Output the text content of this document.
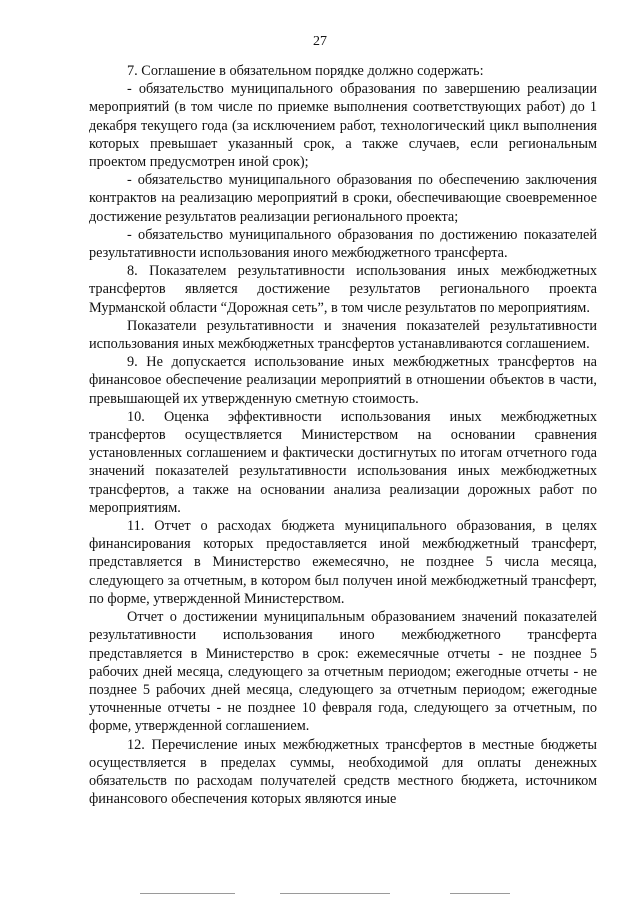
27

7. Соглашение в обязательном порядке должно содержать:

- обязательство муниципального образования по завершению реализации мероприятий (в том числе по приемке выполнения соответствующих работ) до 1 декабря текущего года (за исключением работ, технологический цикл выполнения которых превышает указанный срок, а также случаев, если региональным проектом предусмотрен иной срок);

- обязательство муниципального образования по обеспечению заключения контрактов на реализацию мероприятий в сроки, обеспечивающие своевременное достижение результатов реализации регионального проекта;

- обязательство муниципального образования по достижению показателей результативности использования иного межбюджетного трансферта.

8. Показателем результативности использования иных межбюджетных трансфертов является достижение результатов регионального проекта Мурманской области “Дорожная сеть”, в том числе результатов по мероприятиям.

Показатели результативности и значения показателей результативности использования иных межбюджетных трансфертов устанавливаются соглашением.

9. Не допускается использование иных межбюджетных трансфертов на финансовое обеспечение реализации мероприятий в отношении объектов в части, превышающей их утвержденную сметную стоимость.

10. Оценка эффективности использования иных межбюджетных трансфертов осуществляется Министерством на основании сравнения установленных соглашением и фактически достигнутых по итогам отчетного года значений показателей результативности использования иных межбюджетных трансфертов, а также на основании анализа реализации дорожных работ по мероприятиям.

11. Отчет о расходах бюджета муниципального образования, в целях финансирования которых предоставляется иной межбюджетный трансферт, представляется в Министерство ежемесячно, не позднее 5 числа месяца, следующего за отчетным, в котором был получен иной межбюджетный трансферт, по форме, утвержденной Министерством.

Отчет о достижении муниципальным образованием значений показателей результативности использования иного межбюджетного трансферта представляется в Министерство в срок: ежемесячные отчеты - не позднее 5 рабочих дней месяца, следующего за отчетным периодом; ежегодные отчеты - не позднее 5 рабочих дней месяца, следующего за отчетным периодом; ежегодные уточненные отчеты - не позднее 10 февраля года, следующего за отчетным, по форме, утвержденной соглашением.

12. Перечисление иных межбюджетных трансфертов в местные бюджеты осуществляется в пределах суммы, необходимой для оплаты денежных обязательств по расходам получателей средств местного бюджета, источником финансового обеспечения которых являются иные
